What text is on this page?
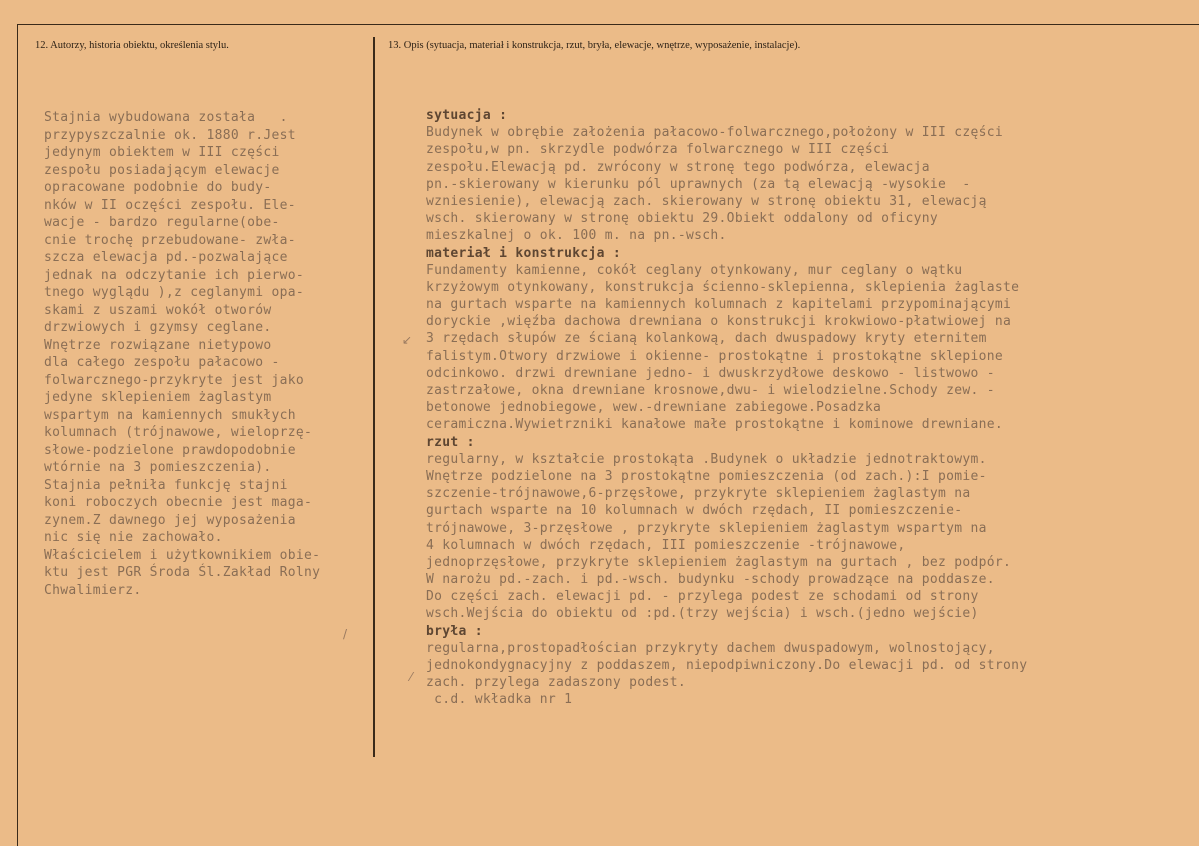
12. Autorzy, historia obiektu, określenia stylu.	13. Opis (sytuacja, materiał i konstrukcja, rzut, bryła, elewacje, wnętrze, wyposażenie, instalacje).
Stajnia wybudowana została   .
przypyszczalnie ok. 1880 r.Jest
jedynym obiektem w III części
zespołu posiadającym elewacje
opracowane podobnie do budy-
nków w II oczęści zespołu. Ele-
wacje - bardzo regularne(obe-
cnie trochę przebudowane- zwła-
szcza elewacja pd.-pozwalające
jednak na odczytanie ich pierwo-
tnego wyglądu ),z ceglanymi opa-
skami z uszami wokół otworów
drzwiowych i gzymsy ceglane.
Wnętrze rozwiązane nietypowo
dla całego zespołu pałacowo -
folwarcznego-przykryte jest jako
jedyne sklepieniem żaglastym
wspartym na kamiennych smukłych
kolumnach (trójnawowe, wieloprzę-
słowe-podzielone prawdopodobnie
wtórnie na 3 pomieszczenia).
Stajnia pełniła funkcję stajni
koni roboczych obecnie jest maga-
zynem.Z dawnego jej wyposażenia
nic się nie zachowało.
Właścicielem i użytkownikiem obie-
ktu jest PGR Środa Śl.Zakład Rolny
Chwalimierz.
sytuacja :
Budynek w obrębie założenia pałacowo-folwarcznego,położony w III części
zespołu,w pn. skrzydle podwórza folwarcznego w III części
zespołu.Elewacją pd. zwrócony w stronę tego podwórza, elewacja
pn.-skierowany w kierunku pól uprawnych (za tą elewacją -wysokie  -
wzniesienie), elewacją zach. skierowany w stronę obiektu 31, elewacją
wsch. skierowany w stronę obiektu 29.Obiekt oddalony od oficyny
mieszkalnej o ok. 100 m. na pn.-wsch.
materiał i konstrukcja :
Fundamenty kamienne, cokół ceglany otynkowany, mur ceglany o wątku
krzyżowym otynkowany, konstrukcja ścienno-sklepienna, sklepienia żaglaste
na gurtach wsparte na kamiennych kolumnach z kapitelami przypominającymi
doryckie ,więźba dachowa drewniana o konstrukcji krokwiowo-płatwiowej na
3 rzędach słupów ze ścianą kolankową, dach dwuspadowy kryty eternitem
falistym.Otwory drzwiowe i okienne- prostokątne i prostokątne sklepione
odcinkowo. drzwi drewniane jedno- i dwuskrzydłowe deskowo - listwowo -
zastrzałowe, okna drewniane krosnowe,dwu- i wielodzielne.Schody zew. -
betonowe jednobiegowe, wew.-drewniane zabiegowe.Posadzka
ceramiczna.Wywietrzniki kanałowe małe prostokątne i kominowe drewniane.
rzut :
regularny, w kształcie prostokąta .Budynek o układzie jednotraktowym.
Wnętrze podzielone na 3 prostokątne pomieszczenia (od zach.):I pomie-
szczenie-trójnawowe,6-przęsłowe, przykryte sklepieniem żaglastym na
gurtach wsparte na 10 kolumnach w dwóch rzędach, II pomieszczenie-
trójnawowe, 3-przęsłowe , przykryte sklepieniem żaglastym wspartym na
4 kolumnach w dwóch rzędach, III pomieszczenie -trójnawowe,
jednoprzęsłowe, przykryte sklepieniem żaglastym na gurtach , bez podpór.
W narożu pd.-zach. i pd.-wsch. budynku -schody prowadzące na poddasze.
Do części zach. elewacji pd. - przylega podest ze schodami od strony
wsch.Wejścia do obiektu od :pd.(trzy wejścia) i wsch.(jedno wejście)
bryła :
regularna,prostopadłościan przykryty dachem dwuspadowym, wolnostojący,
jednokondygnacyjny z poddaszem, niepodpiwniczony.Do elewacji pd. od strony
zach. przylega zadaszony podest.
c.d. wkładka nr 1
↙
⁄
/
